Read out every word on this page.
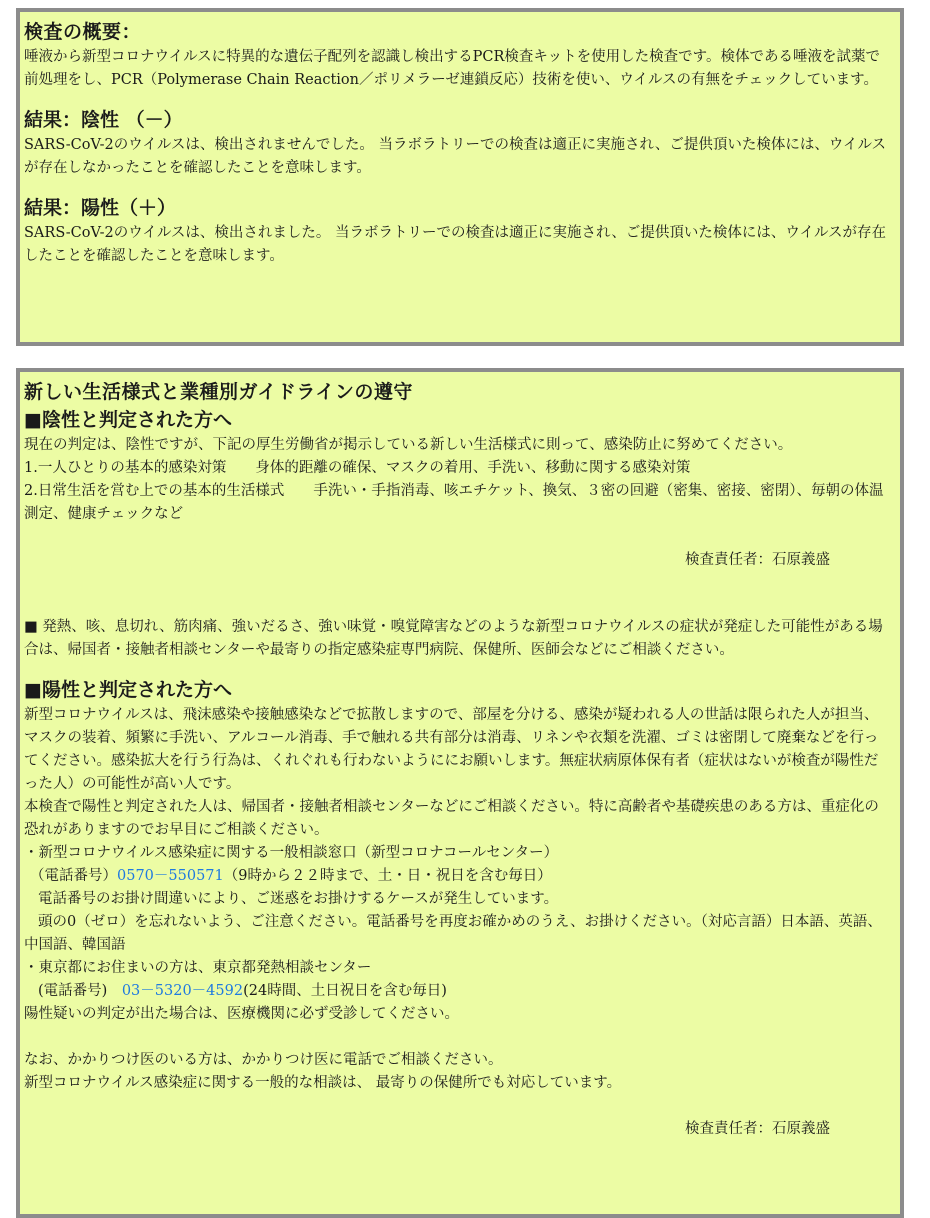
検査の概要：

唾液から新型コロナウイルスに特異的な遺伝子配列を認識し検出するPCR検査キットを使用した検査です。検体である唾液を試薬で前処理をし、PCR（Polymerase Chain Reaction／ポリメラーゼ連鎖反応）技術を使い、ウイルスの有無をチェックしています。

結果：陰性 （－）

SARS-CoV-2のウイルスは、検出されませんでした。 当ラボラトリーでの検査は適正に実施され、ご提供頂いた検体には、ウイルスが存在しなかったことを確認したことを意味します。

結果：陽性（＋）

SARS-CoV-2のウイルスは、検出されました。 当ラボラトリーでの検査は適正に実施され、ご提供頂いた検体には、ウイルスが存在したことを確認したことを意味します。

新しい生活様式と業種別ガイドラインの遵守
■陰性と判定された方へ

現在の判定は、陰性ですが、下記の厚生労働省が掲示している新しい生活様式に則って、感染防止に努めてください。

1.一人ひとりの基本的感染対策　　身体的距離の確保、マスクの着用、手洗い、移動に関する感染対策

2.日常生活を営む上での基本的生活様式　　手洗い・手指消毒、咳エチケット、換気、３密の回避（密集、密接、密閉）、毎朝の体温測定、健康チェックなど

検査責任者：石原義盛

■ 発熱、咳、息切れ、筋肉痛、強いだるさ、強い味覚・嗅覚障害などのような新型コロナウイルスの症状が発症した可能性がある場合は、帰国者・接触者相談センターや最寄りの指定感染症専門病院、保健所、医師会などにご相談ください。

■陽性と判定された方へ

新型コロナウイルスは、飛沫感染や接触感染などで拡散しますので、部屋を分ける、感染が疑われる人の世話は限られた人が担当、マスクの装着、頻繁に手洗い、アルコール消毒、手で触れる共有部分は消毒、リネンや衣類を洗濯、ゴミは密閉して廃棄などを行ってください。感染拡大を行う行為は、くれぐれも行わないようににお願いします。無症状病原体保有者（症状はないが検査が陽性だった人）の可能性が高い人です。

本検査で陽性と判定された人は、帰国者・接触者相談センターなどにご相談ください。特に高齢者や基礎疾患のある方は、重症化の恐れがありますのでお早目にご相談ください。

・新型コロナウイルス感染症に関する一般相談窓口（新型コロナコールセンター）

（電話番号）0570－550571（9時から２２時まで、土・日・祝日を含む毎日）

電話番号のお掛け間違いにより、ご迷惑をお掛けするケースが発生しています。

頭の0（ゼロ）を忘れないよう、ご注意ください。電話番号を再度お確かめのうえ、お掛けください。（対応言語）日本語、英語、中国語、韓国語

・東京都にお住まいの方は、東京都発熱相談センター

(電話番号)　03－5320－4592(24時間、土日祝日を含む毎日)

陽性疑いの判定が出た場合は、医療機関に必ず受診してください。

なお、かかりつけ医のいる方は、かかりつけ医に電話でご相談ください。

新型コロナウイルス感染症に関する一般的な相談は、 最寄りの保健所でも対応しています。

検査責任者：石原義盛
